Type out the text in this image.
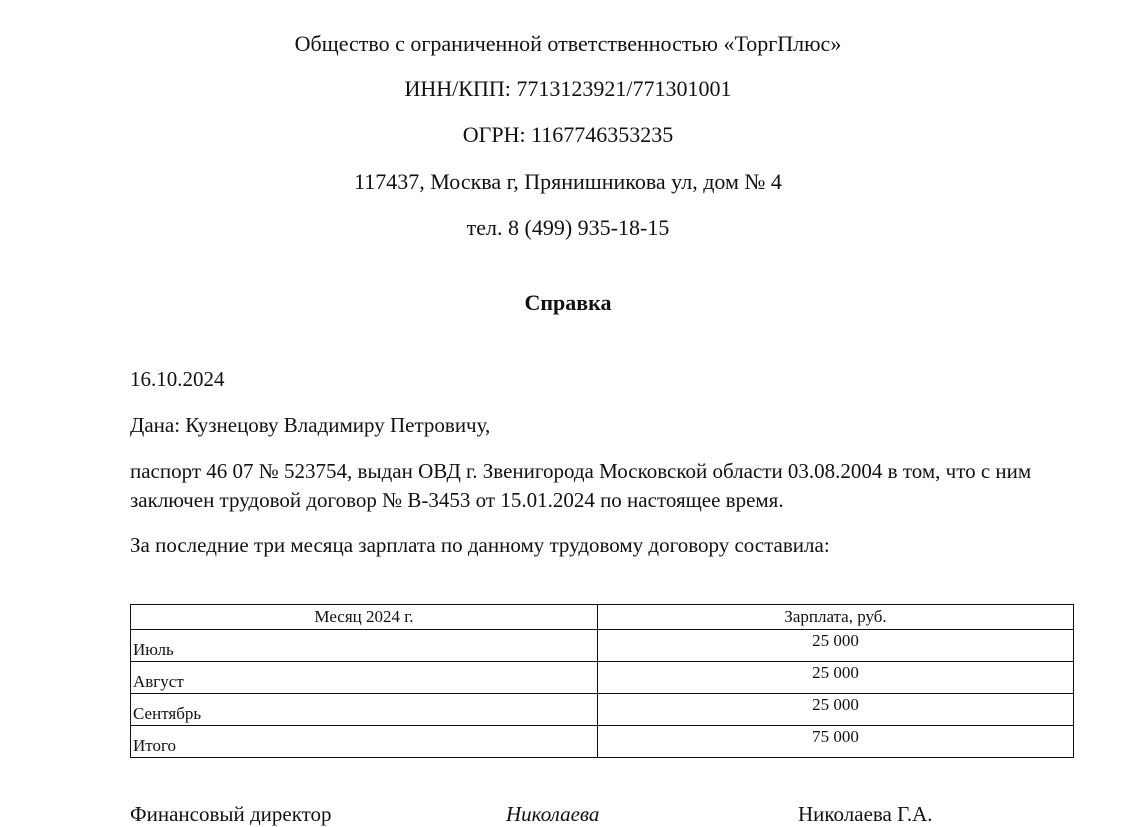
Общество с ограниченной ответственностью «ТоргПлюс»
ИНН/КПП: 7713123921/771301001
ОГРН: 1167746353235
117437, Москва г, Прянишникова ул, дом № 4
тел. 8 (499) 935-18-15
Справка
16.10.2024
Дана: Кузнецову Владимиру Петровичу,
паспорт 46 07 № 523754, выдан ОВД г. Звенигорода Московской области 03.08.2004 в том, что с ним заключен трудовой договор № В-3453 от 15.01.2024 по настоящее время.
За последние три месяца зарплата по данному трудовому договору составила:
Месяц 2024 г.	Зарплата, руб.
Июль	25 000
Август	25 000
Сентябрь	25 000
Итого	75 000
Финансовый директор	Николаева	Николаева Г.А.
